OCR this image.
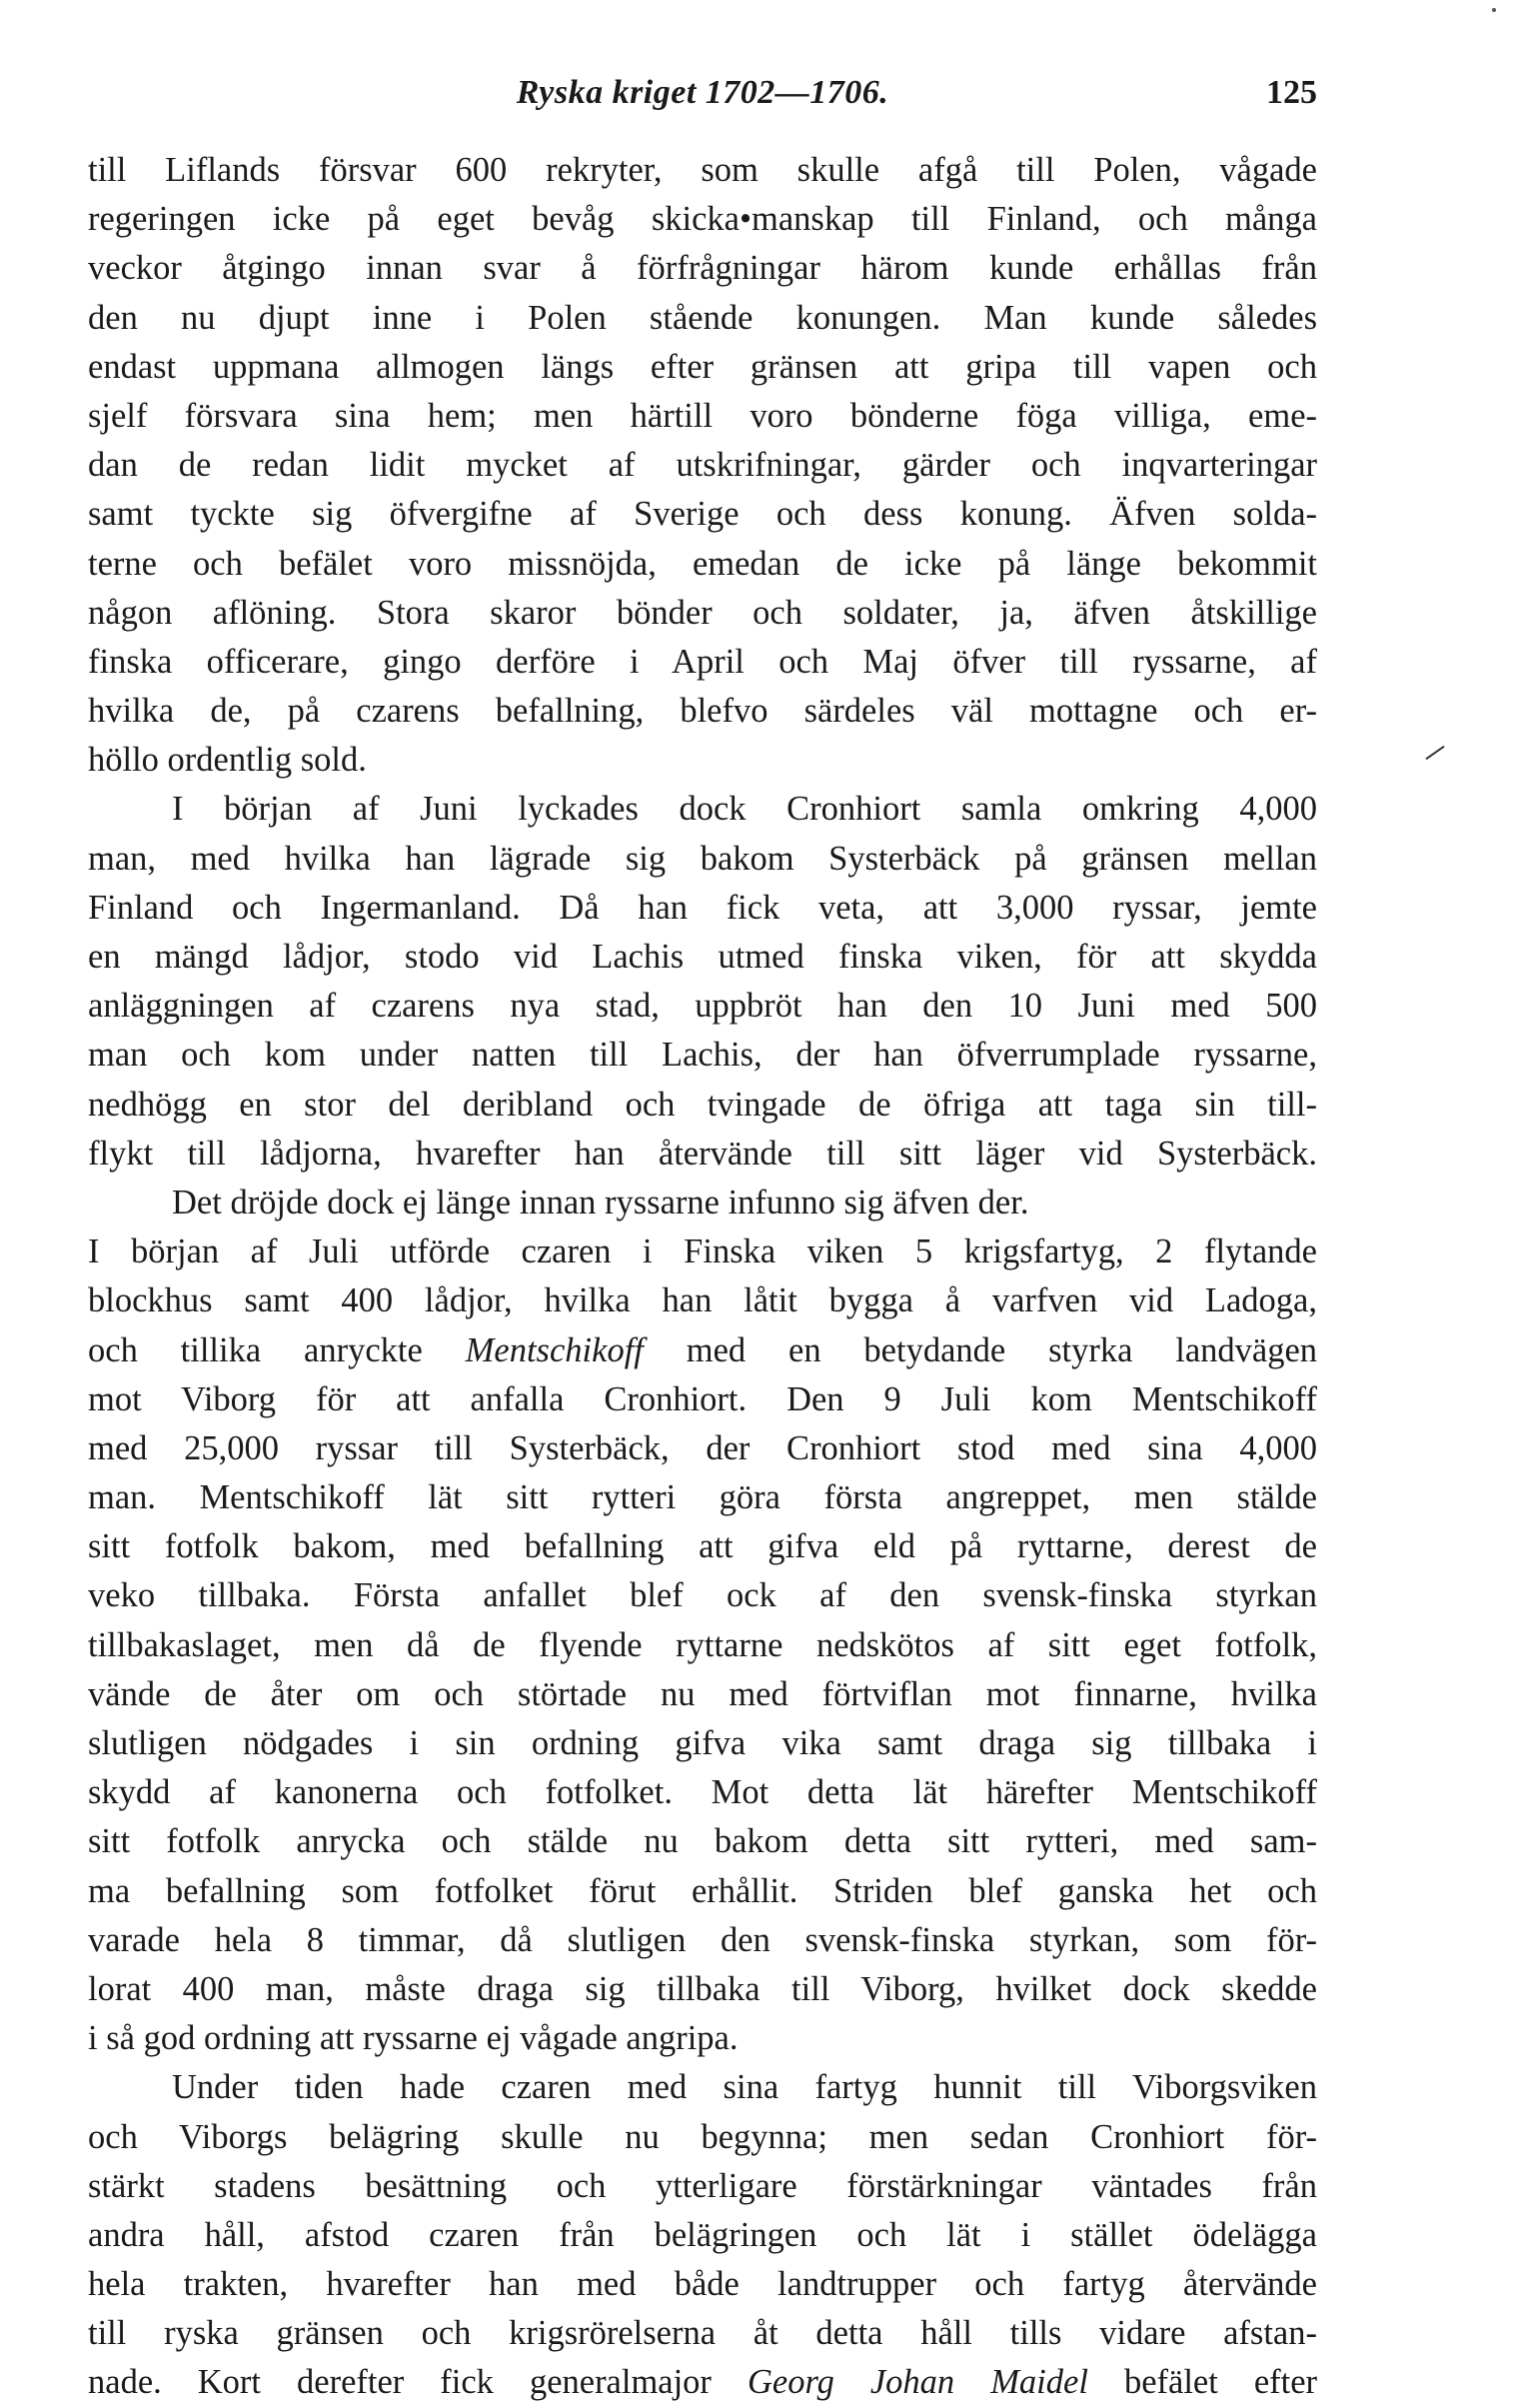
Ryska kriget 1702—1706.	125
till Liflands försvar 600 rekryter, som skulle afgå till Polen, vågade
regeringen icke på eget bevåg skicka•manskap till Finland, och många
veckor åtgingo innan svar å förfrågningar härom kunde erhållas från
den nu djupt inne i Polen stående konungen. Man kunde således
endast uppmana allmogen längs efter gränsen att gripa till vapen och
sjelf försvara sina hem; men härtill voro bönderne föga villiga, eme-
dan de redan lidit mycket af utskrifningar, gärder och inqvarteringar
samt tyckte sig öfvergifne af Sverige och dess konung. Äfven solda-
terne och befälet voro missnöjda, emedan de icke på länge bekommit
någon aflöning. Stora skaror bönder och soldater, ja, äfven åtskillige
finska officerare, gingo derföre i April och Maj öfver till ryssarne, af
hvilka de, på czarens befallning, blefvo särdeles väl mottagne och er-
höllo ordentlig sold.
I början af Juni lyckades dock Cronhiort samla omkring 4,000
man, med hvilka han lägrade sig bakom Systerbäck på gränsen mellan
Finland och Ingermanland. Då han fick veta, att 3,000 ryssar, jemte
en mängd lådjor, stodo vid Lachis utmed finska viken, för att skydda
anläggningen af czarens nya stad, uppbröt han den 10 Juni med 500
man och kom under natten till Lachis, der han öfverrumplade ryssarne,
nedhögg en stor del deribland och tvingade de öfriga att taga sin till-
flykt till lådjorna, hvarefter han återvände till sitt läger vid Systerbäck.
Det dröjde dock ej länge innan ryssarne infunno sig äfven der.
I början af Juli utförde czaren i Finska viken 5 krigsfartyg, 2 flytande
blockhus samt 400 lådjor, hvilka han låtit bygga å varfven vid Ladoga,
och tillika anryckte Mentschikoff med en betydande styrka landvägen
mot Viborg för att anfalla Cronhiort. Den 9 Juli kom Mentschikoff
med 25,000 ryssar till Systerbäck, der Cronhiort stod med sina 4,000
man. Mentschikoff lät sitt rytteri göra första angreppet, men stälde
sitt fotfolk bakom, med befallning att gifva eld på ryttarne, derest de
veko tillbaka. Första anfallet blef ock af den svensk-finska styrkan
tillbakaslaget, men då de flyende ryttarne nedskötos af sitt eget fotfolk,
vände de åter om och störtade nu med förtviflan mot finnarne, hvilka
slutligen nödgades i sin ordning gifva vika samt draga sig tillbaka i
skydd af kanonerna och fotfolket. Mot detta lät härefter Mentschikoff
sitt fotfolk anrycka och stälde nu bakom detta sitt rytteri, med sam-
ma befallning som fotfolket förut erhållit. Striden blef ganska het och
varade hela 8 timmar, då slutligen den svensk-finska styrkan, som för-
lorat 400 man, måste draga sig tillbaka till Viborg, hvilket dock skedde
i så god ordning att ryssarne ej vågade angripa.
Under tiden hade czaren med sina fartyg hunnit till Viborgsviken
och Viborgs belägring skulle nu begynna; men sedan Cronhiort för-
stärkt stadens besättning och ytterligare förstärkningar väntades från
andra håll, afstod czaren från belägringen och lät i stället ödelägga
hela trakten, hvarefter han med både landtrupper och fartyg återvände
till ryska gränsen och krigsrörelserna åt detta håll tills vidare afstan-
nade. Kort derefter fick generalmajor Georg Johan Maidel befälet efter
